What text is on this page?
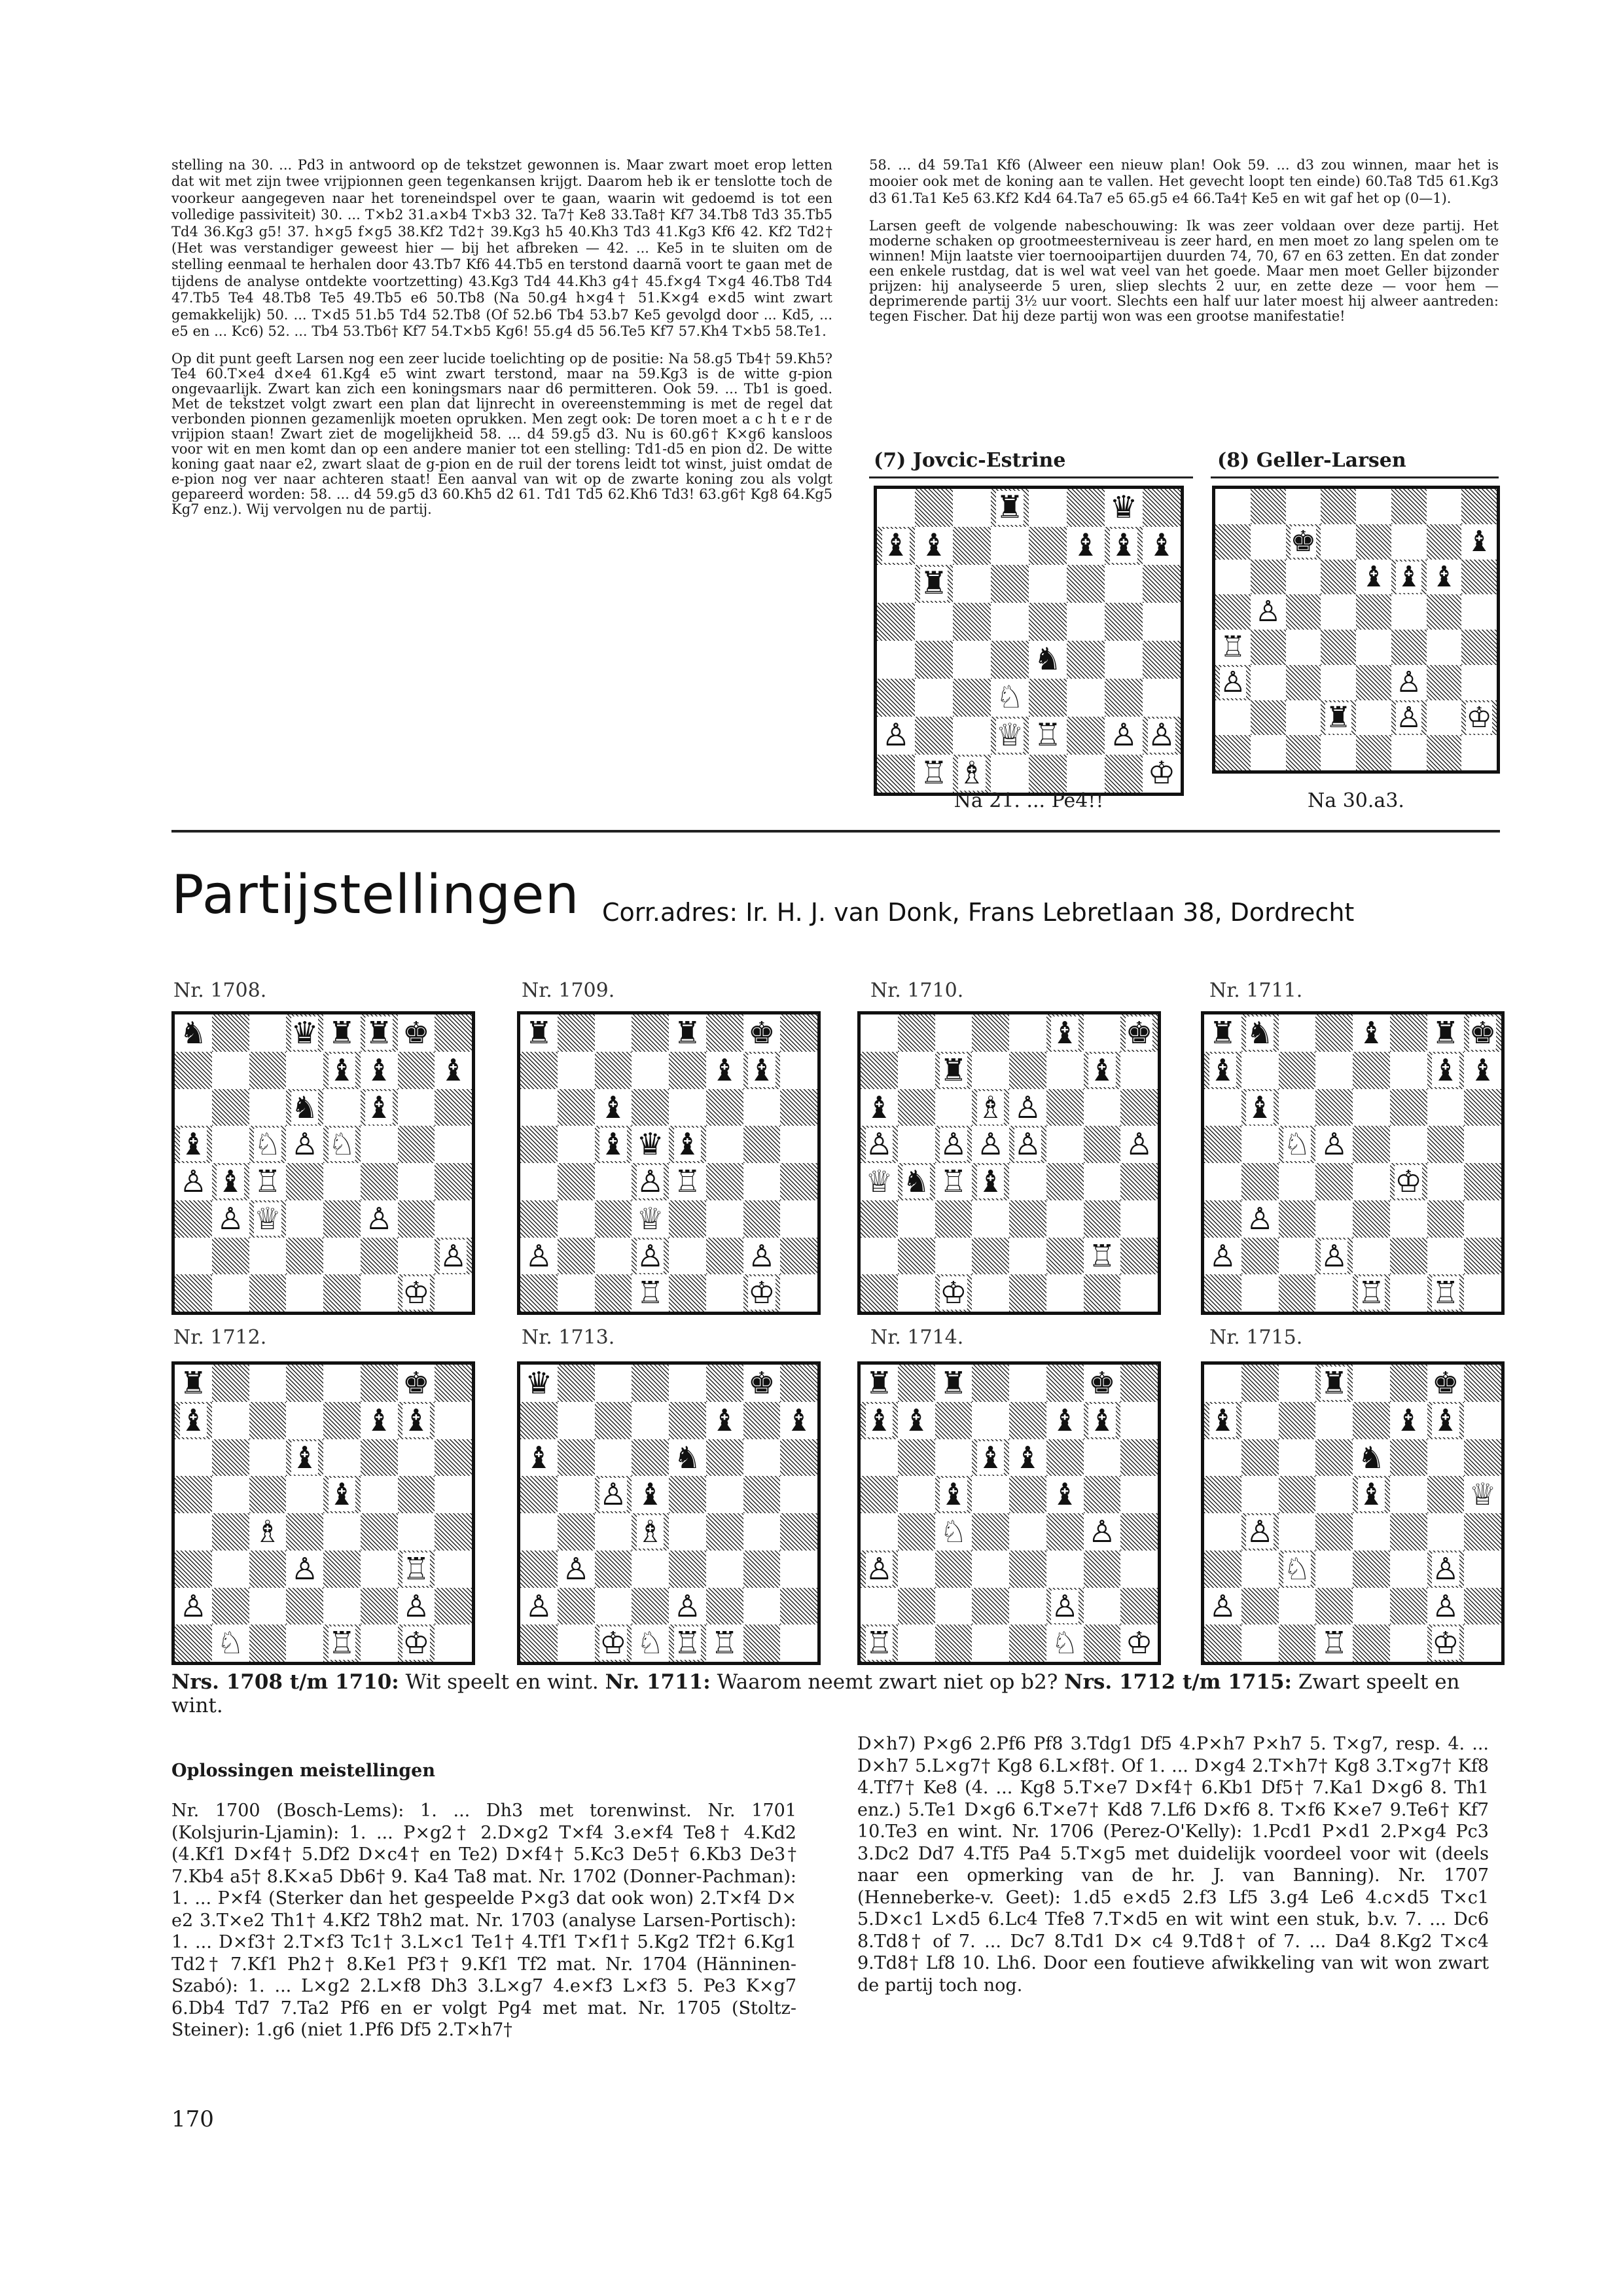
stelling na 30. ... Pd3 in antwoord op de tekstzet gewonnen is. Maar zwart moet erop letten dat wit met zijn twee vrijpionnen geen tegenkansen krijgt. Daarom heb ik er tenslotte toch de voorkeur aangegeven naar het toreneindspel over te gaan, waarin wit gedoemd is tot een volledige passiviteit) 30. ... T×b2 31.a×b4 T×b3 32. Ta7† Ke8 33.Ta8† Kf7 34.Tb8 Td3 35.Tb5 Td4 36.Kg3 g5! 37. h×g5 f×g5 38.Kf2 Td2† 39.Kg3 h5 40.Kh3 Td3 41.Kg3 Kf6 42. Kf2 Td2† (Het was verstandiger geweest hier — bij het afbreken — 42. ... Ke5 in te sluiten om de stelling eenmaal te herhalen door 43.Tb7 Kf6 44.Tb5 en terstond daarnã voort te gaan met de tijdens de analyse ontdekte voortzetting) 43.Kg3 Td4 44.Kh3 g4† 45.f×g4 T×g4 46.Tb8 Td4 47.Tb5 Te4 48.Tb8 Te5 49.Tb5 e6 50.Tb8 (Na 50.g4 h×g4† 51.K×g4 e×d5 wint zwart gemakkelijk) 50. ... T×d5 51.b5 Td4 52.Tb8 (Of 52.b6 Tb4 53.b7 Ke5 gevolgd door ... Kd5, ... e5 en ... Kc6) 52. ... Tb4 53.Tb6† Kf7 54.T×b5 Kg6! 55.g4 d5 56.Te5 Kf7 57.Kh4 T×b5 58.Te1.

Op dit punt geeft Larsen nog een zeer lucide toelichting op de positie: Na 58.g5 Tb4† 59.Kh5? Te4 60.T×e4 d×e4 61.Kg4 e5 wint zwart terstond, maar na 59.Kg3 is de witte g-pion ongevaarlijk. Zwart kan zich een koningsmars naar d6 permitteren. Ook 59. ... Tb1 is goed. Met de tekstzet volgt zwart een plan dat lijnrecht in overeenstemming is met de regel dat verbonden pionnen gezamenlijk moeten oprukken. Men zegt ook: De toren moet a c h t e r de vrijpion staan! Zwart ziet de mogelijkheid 58. ... d4 59.g5 d3. Nu is 60.g6† K×g6 kansloos voor wit en men komt dan op een andere manier tot een stelling: Td1-d5 en pion d2. De witte koning gaat naar e2, zwart slaat de g-pion en de ruil der torens leidt tot winst, juist omdat de e-pion nog ver naar achteren staat! Een aanval van wit op de zwarte koning zou als volgt gepareerd worden: 58. ... d4 59.g5 d3 60.Kh5 d2 61. Td1 Td5 62.Kh6 Td3! 63.g6† Kg8 64.Kg5 Kg7 enz.). Wij vervolgen nu de partij.

58. ... d4 59.Ta1 Kf6 (Alweer een nieuw plan! Ook 59. ... d3 zou winnen, maar het is mooier ook met de koning aan te vallen. Het gevecht loopt ten einde) 60.Ta8 Td5 61.Kg3 d3 61.Ta1 Ke5 63.Kf2 Kd4 64.Ta7 e5 65.g5 e4 66.Ta4† Ke5 en wit gaf het op (0—1).

Larsen geeft de volgende nabeschouwing: Ik was zeer voldaan over deze partij. Het moderne schaken op grootmeesterniveau is zeer hard, en men moet zo lang spelen om te winnen! Mijn laatste vier toernooipartijen duurden 74, 70, 67 en 63 zetten. En dat zonder een enkele rustdag, dat is wel wat veel van het goede. Maar men moet Geller bijzonder prijzen: hij analyseerde 5 uren, sliep slechts 2 uur, en zette deze — voor hem — deprimerende partij 3½ uur voort. Slechts een half uur later moest hij alweer aantreden: tegen Fischer. Dat hij deze partij won was een grootse manifestatie!

(7) Jovcic-Estrine
♜	♛
♝ ♝	♝ ♝ ♝
♜
♞
♘
♙	♕ ♖ ♙ ♙
♖ ♗	♔
Na 21. ... Pe4!!
(8) Geller-Larsen
♚	♝
♝ ♝ ♝
♙
♖
♙	♙
♜ ♙ ♔
Na 30.a3.
Partijstellingen Corr.adres: Ir. H. J. van Donk, Frans Lebretlaan 38, Dordrecht
Nr. 1708.
♞	♛ ♜ ♜ ♚
♝ ♝ ♝
♞ ♝
♝ ♘ ♙ ♘
♙ ♝ ♖
♙ ♕	♙
♙
♔
Nr. 1709.
♜	♜ ♚
♝ ♝
♝
♝ ♛ ♝
♙ ♖
♕
♙	♙	♙
♖	♔
Nr. 1710.
♝ ♚
♜	♝
♝	♗ ♙
♙ ♙ ♙ ♙	♙
♕ ♞ ♖ ♝
♖
♔
Nr. 1711.
♜ ♞	♝ ♜ ♚
♝	♝ ♝
♝
♘ ♙
♔
♙
♙	♙
♖ ♖
Nr. 1712.
♜	♚
♝	♝ ♝
♝
♝
♗
♙	♖
♙	♙
♘	♖ ♔
Nr. 1713.
♛	♚
♝ ♝
♝	♞
♙ ♝
♗
♙
♙	♙
♔ ♘ ♖ ♖
Nr. 1714.
♜ ♜	♚
♝ ♝	♝ ♝
♝ ♝
♝	♝
♘	♙
♙
♙
♖	♘ ♔
Nr. 1715.
♜	♚
♝	♝ ♝
♞
♝	♕
♙
♘	♙
♙	♙
♖	♔
Nrs. 1708 t/m 1710: Wit speelt en wint. Nr. 1711: Waarom neemt zwart niet op b2? Nrs. 1712 t/m 1715: Zwart speelt en wint.
Oplossingen meistellingen
Nr. 1700 (Bosch-Lems): 1. ... Dh3 met torenwinst. Nr. 1701 (Kolsjurin-Ljamin): 1. ... P×g2† 2.D×g2 T×f4 3.e×f4 Te8† 4.Kd2 (4.Kf1 D×f4† 5.Df2 D×c4† en Te2) D×f4† 5.Kc3 De5† 6.Kb3 De3† 7.Kb4 a5† 8.K×a5 Db6† 9. Ka4 Ta8 mat. Nr. 1702 (Donner-Pachman): 1. ... P×f4 (Sterker dan het gespeelde P×g3 dat ook won) 2.T×f4 D× e2 3.T×e2 Th1† 4.Kf2 T8h2 mat. Nr. 1703 (analyse Larsen-Portisch): 1. ... D×f3† 2.T×f3 Tc1† 3.L×c1 Te1† 4.Tf1 T×f1† 5.Kg2 Tf2† 6.Kg1 Td2† 7.Kf1 Ph2† 8.Ke1 Pf3† 9.Kf1 Tf2 mat. Nr. 1704 (Hänninen-Szabó): 1. ... L×g2 2.L×f8 Dh3 3.L×g7 4.e×f3 L×f3 5. Pe3 K×g7 6.Db4 Td7 7.Ta2 Pf6 en er volgt Pg4 met mat. Nr. 1705 (Stoltz-Steiner): 1.g6 (niet 1.Pf6 Df5 2.T×h7†
D×h7) P×g6 2.Pf6 Pf8 3.Tdg1 Df5 4.P×h7 P×h7 5. T×g7, resp. 4. ... D×h7 5.L×g7† Kg8 6.L×f8†. Of 1. ... D×g4 2.T×h7† Kg8 3.T×g7† Kf8 4.Tf7† Ke8 (4. ... Kg8 5.T×e7 D×f4† 6.Kb1 Df5† 7.Ka1 D×g6 8. Th1 enz.) 5.Te1 D×g6 6.T×e7† Kd8 7.Lf6 D×f6 8. T×f6 K×e7 9.Te6† Kf7 10.Te3 en wint. Nr. 1706 (Perez-O'Kelly): 1.Pcd1 P×d1 2.P×g4 Pc3 3.Dc2 Dd7 4.Tf5 Pa4 5.T×g5 met duidelijk voordeel voor wit (deels naar een opmerking van de hr. J. van Banning). Nr. 1707 (Henneberke-v. Geet): 1.d5 e×d5 2.f3 Lf5 3.g4 Le6 4.c×d5 T×c1 5.D×c1 L×d5 6.Lc4 Tfe8 7.T×d5 en wit wint een stuk, b.v. 7. ... Dc6 8.Td8† of 7. ... Dc7 8.Td1 D× c4 9.Td8† of 7. ... Da4 8.Kg2 T×c4 9.Td8† Lf8 10. Lh6. Door een foutieve afwikkeling van wit won zwart de partij toch nog.
170
